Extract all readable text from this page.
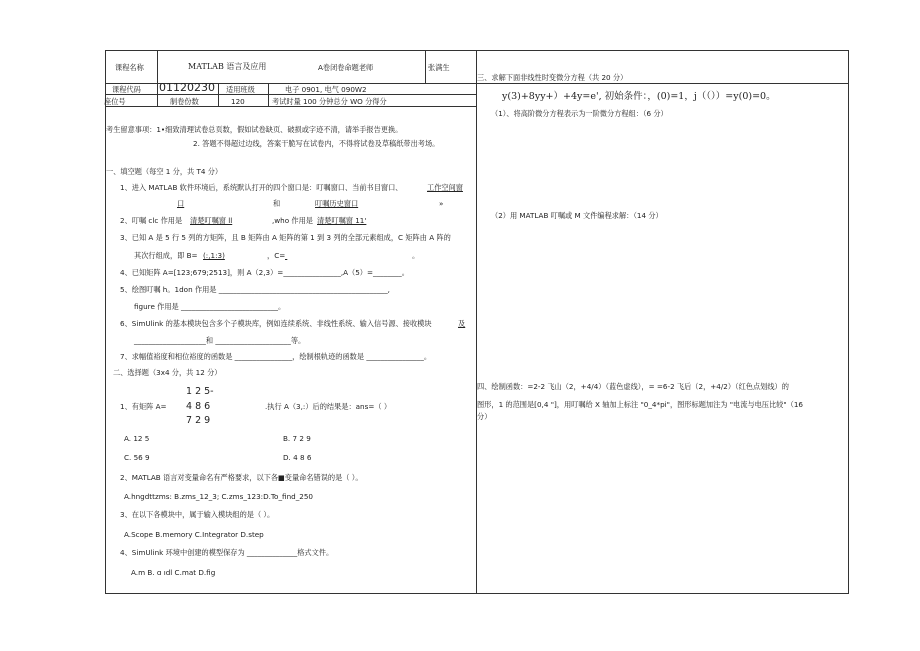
课程名称	MATLAB 语言及应用	A卷闭卷命题老师	张满生
课程代码 01120230 适用班级	电子 0901, 电气 090W2
座位号	制卷份数	120	考试时量 100 分钟总分 WO 分得分
考生留意事项：1•细致清理试卷总页数，假如试卷缺页、破损或字迹不清，请举手报告更换。
2. 答题不得超过边线，答案干脆写在试卷内，不得将试卷及草稿纸带出考场。
一、填空题（每空 1 分，共 T4 分）
1、进入 MATLAB 软件环境后，系统默认打开的四个窗口是：叮嘱窗口、当前书目窗口、	工作空间窗
口	和	叮嘱历史窗口	»
2、叮嘱 clc 作用是 清楚叮嘱窗 ll	,who 作用是 清楚叮嘱窗 11'
3、已知 A 是 5 行 5 列的方矩阵，且 B 矩阵由 A 矩阵的第 1 到 3 列的全部元素组成，C 矩阵由 A 阵的
其次行组成，即 B= (:,1:3)	，C=
	。
4、已知矩阵 A=[123;679;2513]，则 A（2,3）=________________,A（5）=________。
5、绘图叮嘱 h。1don 作用是 _______________________________________________,
figure 作用是 ___________________________。
6、SimUlink 的基本模块包含多个子模块库，例如连续系统、非线性系统、输入信号源、接收模块	及
____________________和 _____________________等。
7、求幅值裕度和相位裕度的函数是 ________________，绘制根轨迹的函数是 ________________。
二、选择题（3x4 分，共 12 分）
1 2 5-
4 8 6
7 2 9
1、有矩阵 A=	.执行 A（3,:）后的结果是：ans=（ ）
A. 12 5	B. 7 2 9
C. 56 9	D. 4 8 6
2、MATLAB 语言对变量命名有严格要求，以下各■变量命名错误的是（ ）。
A.hngdttzms: B.zms_12_3; C.zms_123:D.To_find_250
3、在以下各模块中，属于输入模块组的是（ ）。
A.Scope B.memory C.Integrator D.step
4、SimUlink 环境中创建的模型保存为 ______________格式文件。
A.m B. ɑ ıdl C.mat D.fig
三、求解下面非线性时变微分方程（共 20 分）
y(3)+8yy+）+4y=e', 初始条件：，(0)=1，j（（））=y(0)=0。
（1）、将高阶微分方程表示为一阶微分方程组：（6 分）
（2）用 MATLAB 叮嘱或 M 文件编程求解：（14 分）
四、绘制函数：=2-2 飞山（2，+4/4）（蓝色虚线），= =6-2 飞后（2，+4/2）（红色点划线）的
图形，1 的范围是[0,4 "]，用叮嘱给 X 轴加上标注 "0_4*pi"，图形标题加注为 "电流与电压比较"（16
分）
